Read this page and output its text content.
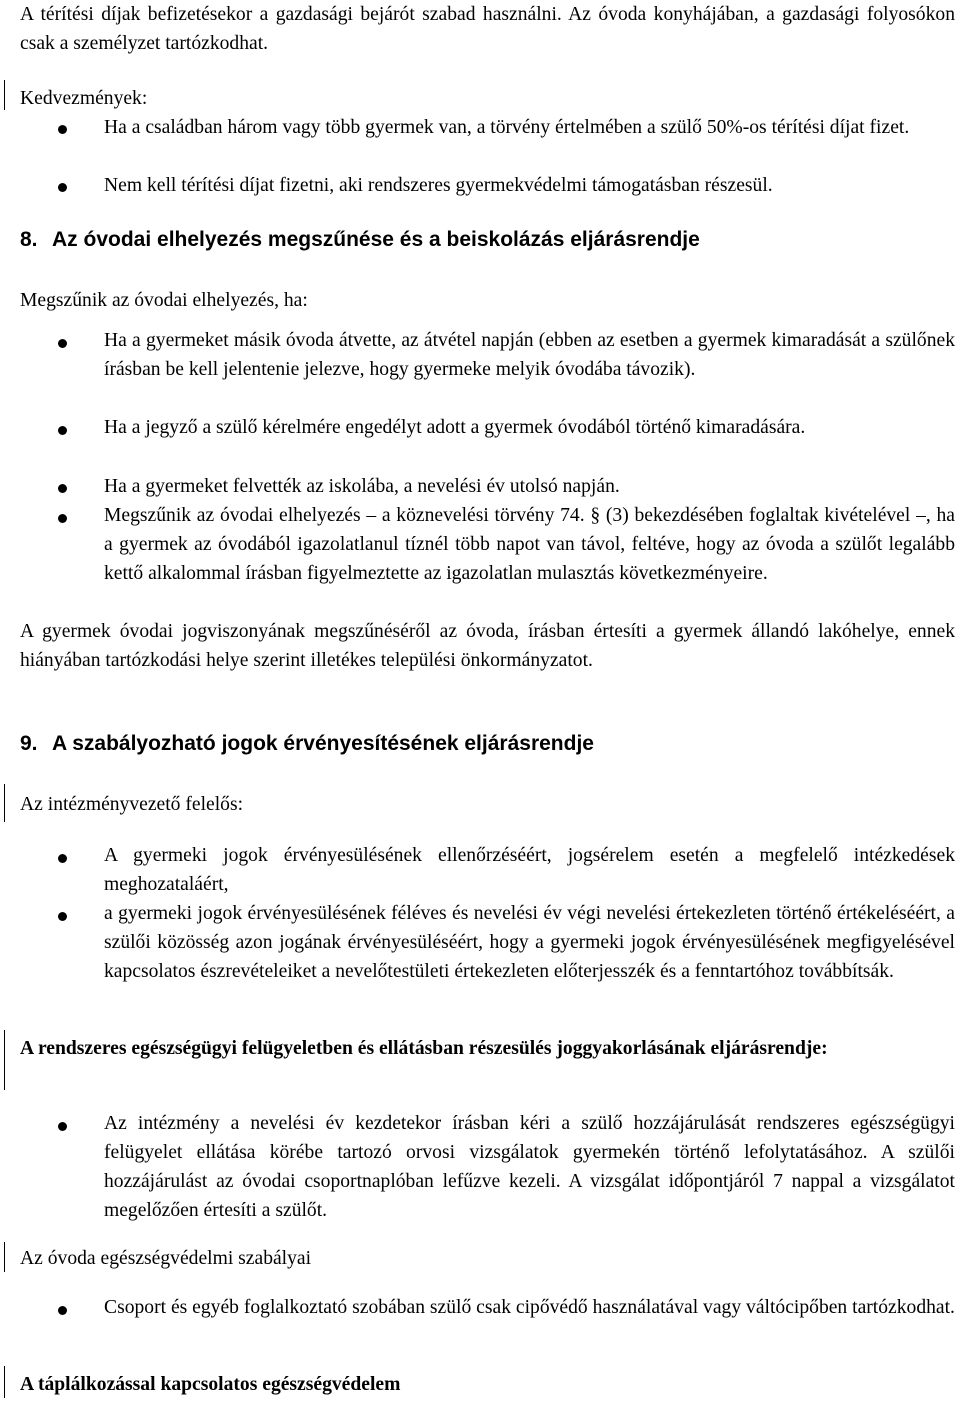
A térítési díjak befizetésekor a gazdasági bejárót szabad használni. Az óvoda konyhájában, a gazdasági folyosókon csak a személyzet tartózkodhat.
Kedvezmények:
Ha a családban három vagy több gyermek van, a törvény értelmében a szülő 50%-os térítési díjat fizet.
Nem kell térítési díjat fizetni, aki rendszeres gyermekvédelmi támogatásban részesül.
8. Az óvodai elhelyezés megszűnése és a beiskolázás eljárásrendje
Megszűnik az óvodai elhelyezés, ha:
Ha a gyermeket másik óvoda átvette, az átvétel napján (ebben az esetben a gyermek kimaradását a szülőnek írásban be kell jelentenie jelezve, hogy gyermeke melyik óvodába távozik).
Ha a jegyző a szülő kérelmére engedélyt adott a gyermek óvodából történő kimaradására.
Ha a gyermeket felvették az iskolába, a nevelési év utolsó napján.
Megszűnik az óvodai elhelyezés – a köznevelési törvény 74. § (3) bekezdésében foglaltak kivételével –, ha a gyermek az óvodából igazolatlanul tíznél több napot van távol, feltéve, hogy az óvoda a szülőt legalább kettő alkalommal írásban figyelmeztette az igazolatlan mulasztás következményeire.
A gyermek óvodai jogviszonyának megszűnéséről az óvoda, írásban értesíti a gyermek állandó lakóhelye, ennek hiányában tartózkodási helye szerint illetékes települési önkormányzatot.
9. A szabályozható jogok érvényesítésének eljárásrendje
Az intézményvezető felelős:
A gyermeki jogok érvényesülésének ellenőrzéséért, jogsérelem esetén a megfelelő intézkedések meghozataláért,
a gyermeki jogok érvényesülésének féléves és nevelési év végi nevelési értekezleten történő értékeléséért, a szülői közösség azon jogának érvényesüléséért, hogy a gyermeki jogok érvényesülésének megfigyelésével kapcsolatos észrevételeiket a nevelőtestületi értekezleten előterjesszék és a fenntartóhoz továbbítsák.
A rendszeres egészségügyi felügyeletben és ellátásban részesülés joggyakorlásának eljárásrendje:
Az intézmény a nevelési év kezdetekor írásban kéri a szülő hozzájárulását rendszeres egészségügyi felügyelet ellátása körébe tartozó orvosi vizsgálatok gyermekén történő lefolytatásához. A szülői hozzájárulást az óvodai csoportnaplóban lefűzve kezeli. A vizsgálat időpontjáról 7 nappal a vizsgálatot megelőzően értesíti a szülőt.
Az óvoda egészségvédelmi szabályai
Csoport és egyéb foglalkoztató szobában szülő csak cipővédő használatával vagy váltócipőben tartózkodhat.
A táplálkozással kapcsolatos egészségvédelem
